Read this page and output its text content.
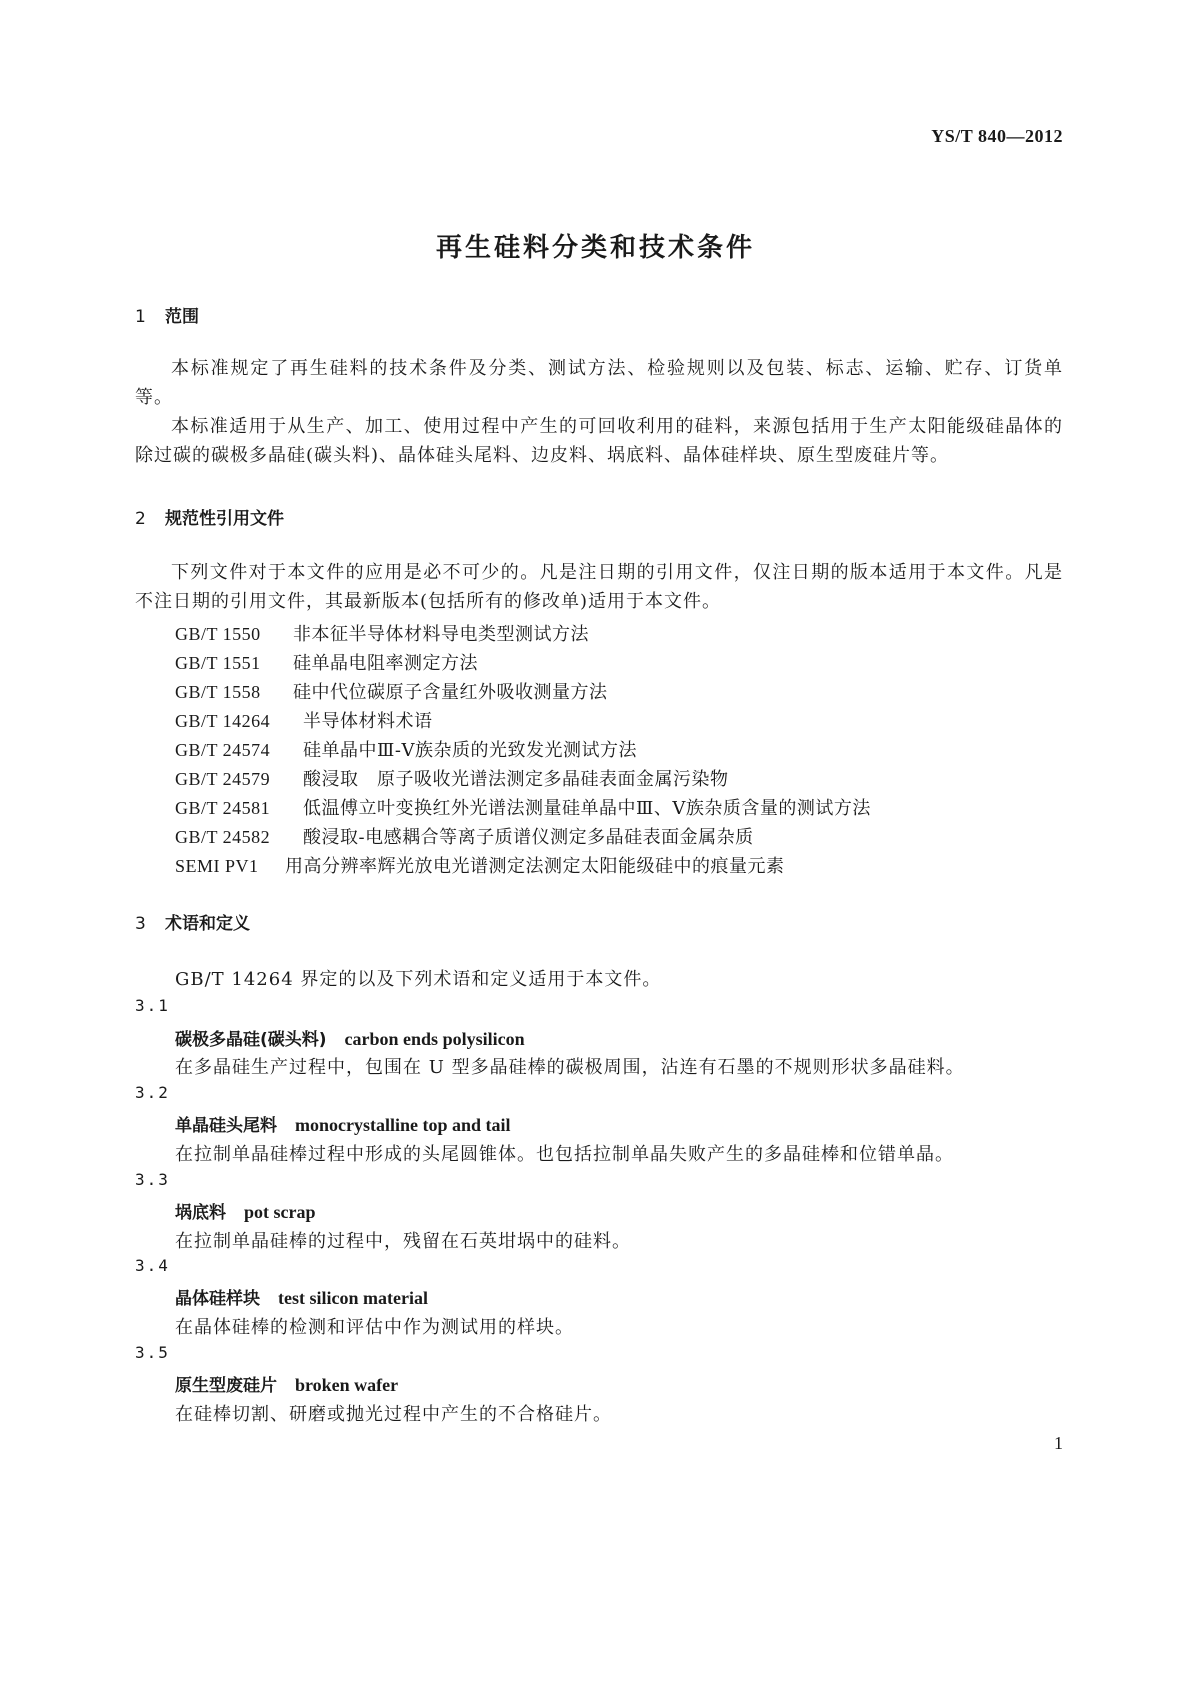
YS/T 840—2012
再生硅料分类和技术条件
1 范围

本标准规定了再生硅料的技术条件及分类、测试方法、检验规则以及包装、标志、运输、贮存、订货单等。

本标准适用于从生产、加工、使用过程中产生的可回收利用的硅料，来源包括用于生产太阳能级硅晶体的除过碳的碳极多晶硅(碳头料)、晶体硅头尾料、边皮料、埚底料、晶体硅样块、原生型废硅片等。

2 规范性引用文件

下列文件对于本文件的应用是必不可少的。凡是注日期的引用文件，仅注日期的版本适用于本文件。凡是不注日期的引用文件，其最新版本(包括所有的修改单)适用于本文件。

GB/T 1550 非本征半导体材料导电类型测试方法
GB/T 1551 硅单晶电阻率测定方法
GB/T 1558 硅中代位碳原子含量红外吸收测量方法
GB/T 14264 半导体材料术语
GB/T 24574 硅单晶中Ⅲ-Ⅴ族杂质的光致发光测试方法
GB/T 24579 酸浸取　原子吸收光谱法测定多晶硅表面金属污染物
GB/T 24581 低温傅立叶变换红外光谱法测量硅单晶中Ⅲ、Ⅴ族杂质含量的测试方法
GB/T 24582 酸浸取-电感耦合等离子质谱仪测定多晶硅表面金属杂质
SEMI PV1 用高分辨率辉光放电光谱测定法测定太阳能级硅中的痕量元素
3 术语和定义
GB/T 14264 界定的以及下列术语和定义适用于本文件。
3.1
碳极多晶硅(碳头料) carbon ends polysilicon
在多晶硅生产过程中，包围在 U 型多晶硅棒的碳极周围，沾连有石墨的不规则形状多晶硅料。
3.2
单晶硅头尾料 monocrystalline top and tail
在拉制单晶硅棒过程中形成的头尾圆锥体。也包括拉制单晶失败产生的多晶硅棒和位错单晶。
3.3
埚底料 pot scrap
在拉制单晶硅棒的过程中，残留在石英坩埚中的硅料。
3.4
晶体硅样块 test silicon material
在晶体硅棒的检测和评估中作为测试用的样块。
3.5
原生型废硅片 broken wafer
在硅棒切割、研磨或抛光过程中产生的不合格硅片。
1
